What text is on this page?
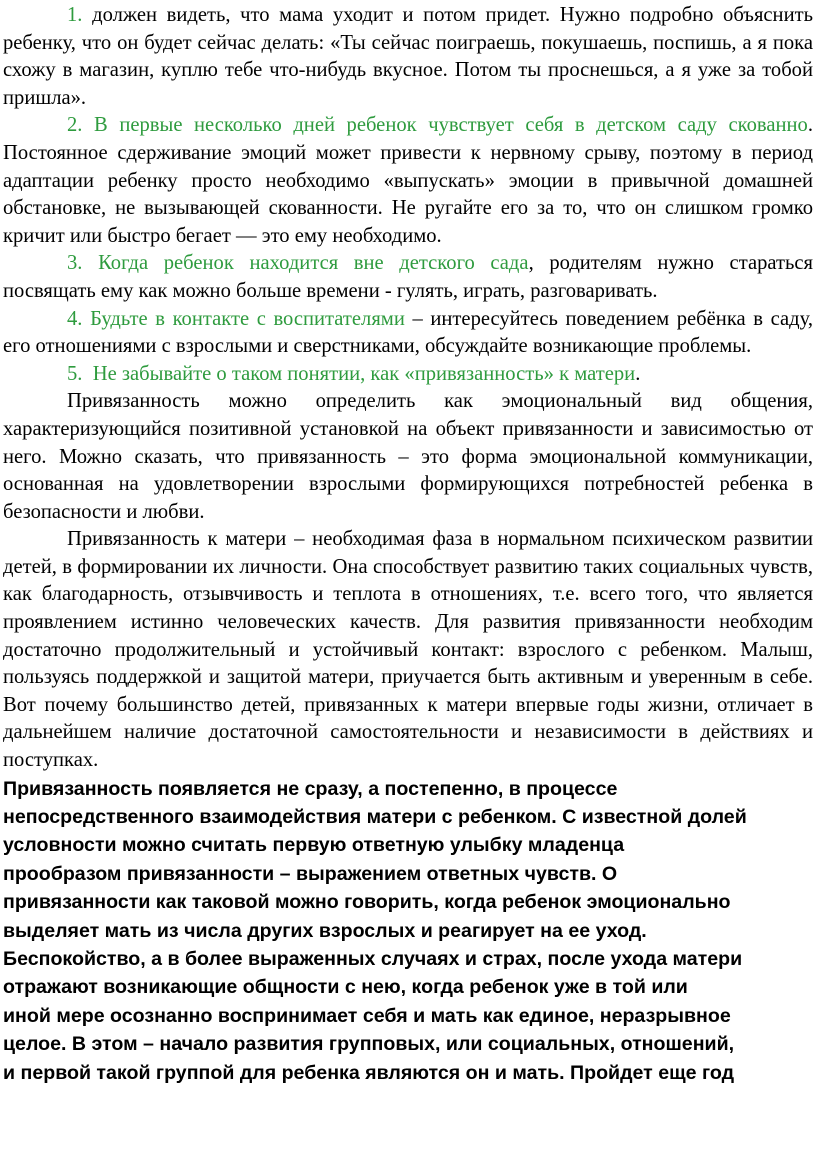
1. должен видеть, что мама уходит и потом придет. Нужно подробно объяснить ребенку, что он будет сейчас делать: «Ты сейчас поиграешь, покушаешь, поспишь, а я пока схожу в магазин, куплю тебе что-нибудь вкусное. Потом ты проснешься, а я уже за тобой пришла».

2. В первые несколько дней ребенок чувствует себя в детском саду скованно. Постоянное сдерживание эмоций может привести к нервному срыву, поэтому в период адаптации ребенку просто необходимо «выпускать» эмоции в привычной домашней обстановке, не вызывающей скованности. Не ругайте его за то, что он слишком громко кричит или быстро бегает — это ему необходимо.

3. Когда ребенок находится вне детского сада, родителям нужно стараться посвящать ему как можно больше времени - гулять, играть, разговаривать.

4. Будьте в контакте с воспитателями – интересуйтесь поведением ребёнка в саду, его отношениями с взрослыми и сверстниками, обсуждайте возникающие проблемы.

5. Не забывайте о таком понятии, как «привязанность» к матери.

Привязанность можно определить как эмоциональный вид общения, характеризующийся позитивной установкой на объект привязанности и зависимостью от него. Можно сказать, что привязанность – это форма эмоциональной коммуникации, основанная на удовлетворении взрослыми формирующихся потребностей ребенка в безопасности и любви.

Привязанность к матери – необходимая фаза в нормальном психическом развитии детей, в формировании их личности. Она способствует развитию таких социальных чувств, как благодарность, отзывчивость и теплота в отношениях, т.е. всего того, что является проявлением истинно человеческих качеств. Для развития привязанности необходим достаточно продолжительный и устойчивый контакт: взрослого с ребенком. Малыш, пользуясь поддержкой и защитой матери, приучается быть активным и уверенным в себе. Вот почему большинство детей, привязанных к матери впервые годы жизни, отличает в дальнейшем наличие достаточной самостоятельности и независимости в действиях и поступках.

Привязанность появляется не сразу, а постепенно, в процессе
непосредственного взаимодействия матери с ребенком. С известной долей
условности можно считать первую ответную улыбку младенца
прообразом привязанности – выражением ответных чувств. О
привязанности как таковой можно говорить, когда ребенок эмоционально
выделяет мать из числа других взрослых и реагирует на ее уход.
Беспокойство, а в более выраженных случаях и страх, после ухода матери
отражают возникающие общности с нею, когда ребенок уже в той или
иной мере осознанно воспринимает себя и мать как единое, неразрывное
целое. В этом – начало развития групповых, или социальных, отношений,
и первой такой группой для ребенка являются он и мать. Пройдет еще год
